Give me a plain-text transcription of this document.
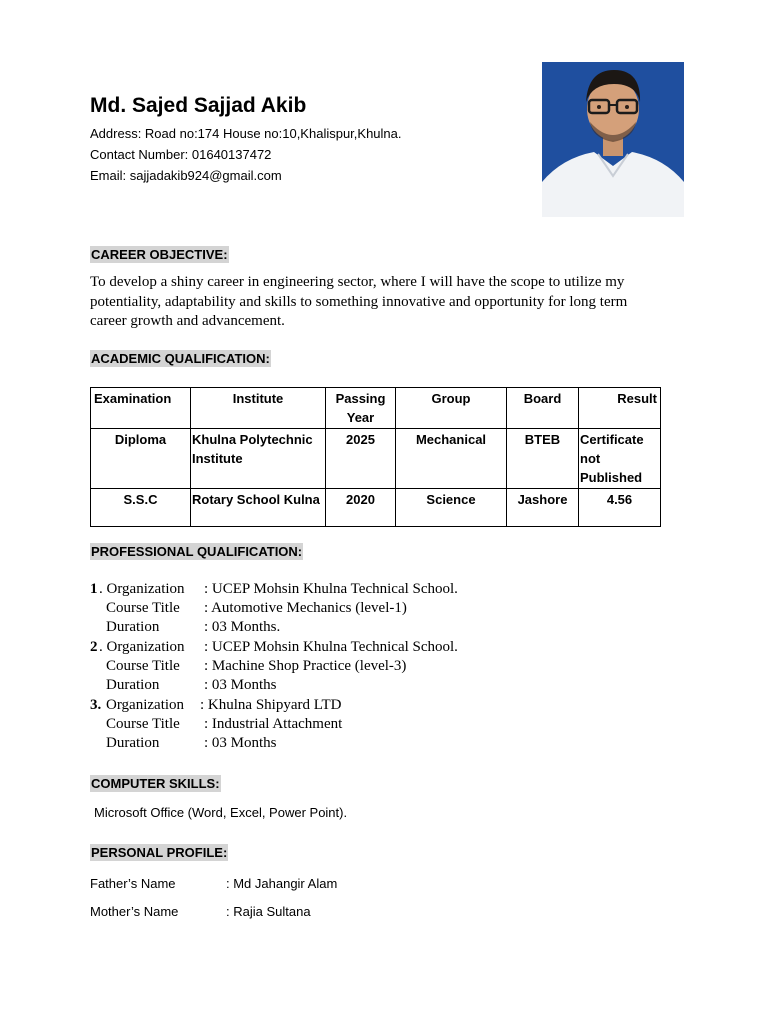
Md. Sajed Sajjad Akib
Address: Road no:174 House no:10,Khalispur,Khulna.
Contact Number: 01640137472
Email: sajjadakib924@gmail.com
CAREER OBJECTIVE:
To develop a shiny career in engineering sector, where I will have the scope to utilize my
potentiality, adaptability and skills to something innovative and opportunity for long term
career growth and advancement.
ACADEMIC QUALIFICATION:
Examination	Institute	Passing Year	Group	Board	Result
Diploma	Khulna Polytechnic Institute	2025	Mechanical	BTEB	Certificate not Published
S.S.C	Rotary School Kulna	2020	Science	Jashore	4.56
PROFESSIONAL QUALIFICATION:
1 . Organization : UCEP Mohsin Khulna Technical School.
Course Title : Automotive Mechanics (level-1)
Duration	: 03 Months.
2 . Organization : UCEP Mohsin Khulna Technical School.
Course Title : Machine Shop Practice (level-3)
Duration	: 03 Months
3. Organization : Khulna Shipyard LTD
Course Title : Industrial Attachment
Duration	: 03 Months
COMPUTER SKILLS:
Microsoft Office (Word, Excel, Power Point).
PERSONAL PROFILE:
Father’s Name	: Md Jahangir Alam
Mother’s Name	: Rajia Sultana
